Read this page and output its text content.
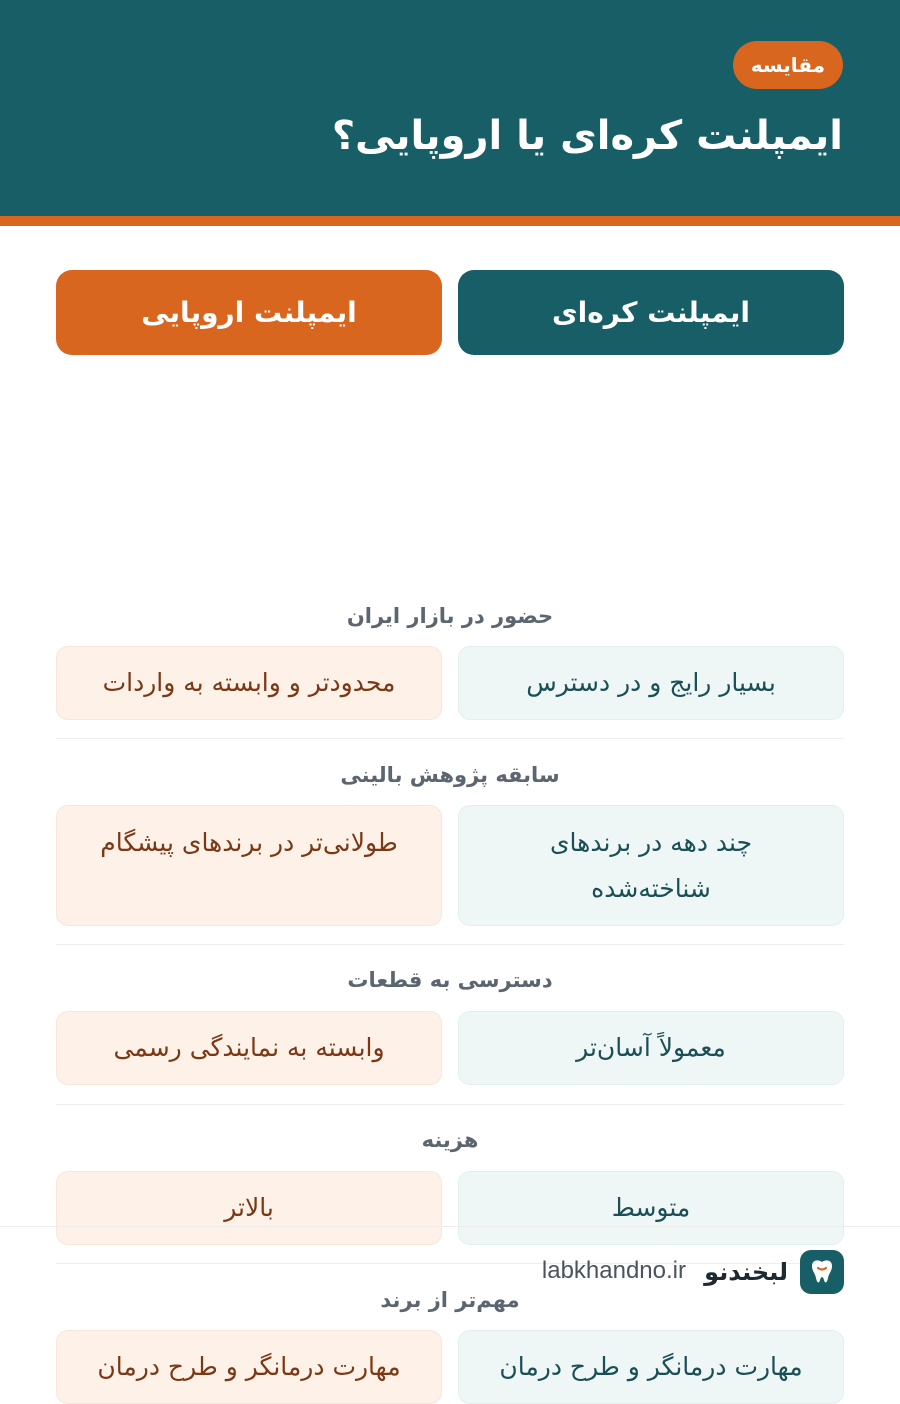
مقایسه
ایمپلنت کره‌ای یا اروپایی؟
ایمپلنت کره‌ای
ایمپلنت اروپایی
حضور در بازار ایران
بسیار رایج و در دسترس
محدودتر و وابسته به واردات
سابقه پژوهش بالینی
چند دهه در برندهای شناخته‌شده
طولانی‌تر در برندهای پیشگام
دسترسی به قطعات
معمولاً آسان‌تر
وابسته به نمایندگی رسمی
هزینه
متوسط
بالاتر
مهم‌تر از برند
مهارت درمانگر و طرح درمان
مهارت درمانگر و طرح درمان
لبخندنو
labkhandno.ir
